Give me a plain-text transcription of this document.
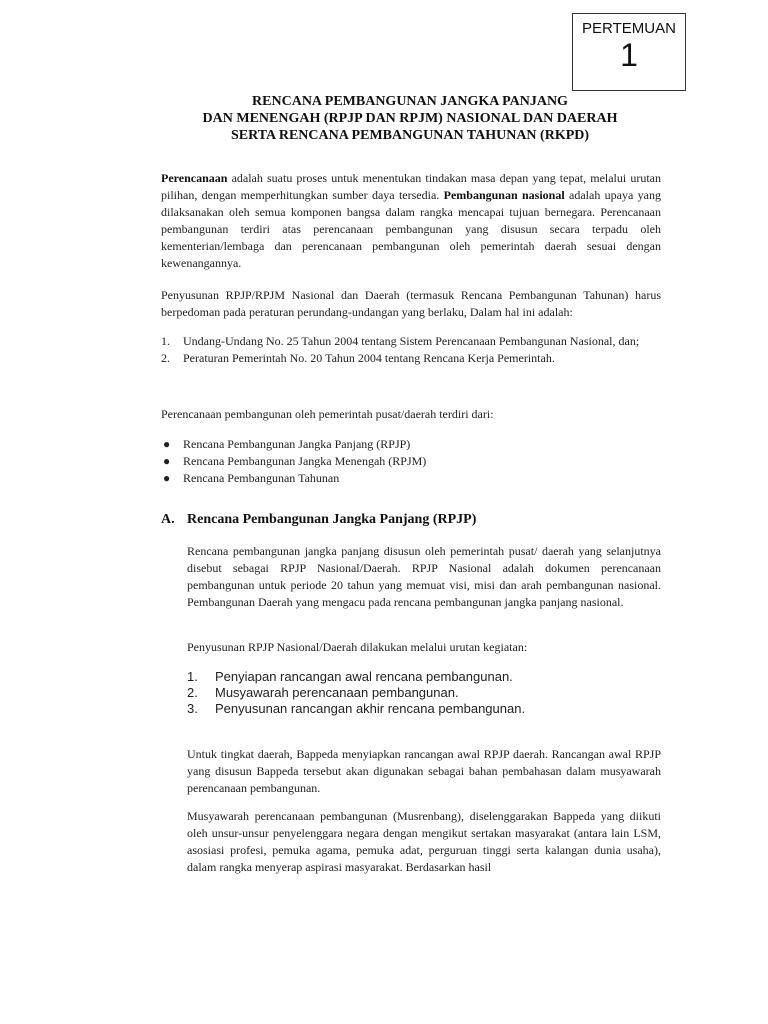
PERTEMUAN
1
RENCANA PEMBANGUNAN JANGKA PANJANG
DAN MENENGAH (RPJP DAN RPJM) NASIONAL DAN DAERAH
SERTA RENCANA PEMBANGUNAN TAHUNAN (RKPD)
Perencanaan adalah suatu proses untuk menentukan tindakan masa depan yang tepat, melalui urutan pilihan, dengan memperhitungkan sumber daya tersedia. Pembangunan nasional adalah upaya yang dilaksanakan oleh semua komponen bangsa dalam rangka mencapai tujuan bernegara. Perencanaan pembangunan terdiri atas perencanaan pembangunan yang disusun secara terpadu oleh kementerian/lembaga dan perencanaan pembangunan oleh pemerintah daerah sesuai dengan kewenangannya.
Penyusunan RPJP/RPJM Nasional dan Daerah (termasuk Rencana Pembangunan Tahunan) harus berpedoman pada peraturan perundang-undangan yang berlaku, Dalam hal ini adalah:
1. Undang-Undang No. 25 Tahun 2004 tentang Sistem Perencanaan Pembangunan Nasional, dan;
2. Peraturan Pemerintah No. 20 Tahun 2004 tentang Rencana Kerja Pemerintah.
Perencanaan pembangunan oleh pemerintah pusat/daerah terdiri dari:
● Rencana Pembangunan Jangka Panjang (RPJP)
● Rencana Pembangunan Jangka Menengah (RPJM)
● Rencana Pembangunan Tahunan
A. Rencana Pembangunan Jangka Panjang (RPJP)
Rencana pembangunan jangka panjang disusun oleh pemerintah pusat/ daerah yang selanjutnya disebut sebagai RPJP Nasional/Daerah. RPJP Nasional adalah dokumen perencanaan pembangunan untuk periode 20 tahun yang memuat visi, misi dan arah pembangunan nasional. Pembangunan Daerah yang mengacu pada rencana pembangunan jangka panjang nasional.
Penyusunan RPJP Nasional/Daerah dilakukan melalui urutan kegiatan:
1. Penyiapan rancangan awal rencana pembangunan.
2. Musyawarah perencanaan pembangunan.
3. Penyusunan rancangan akhir rencana pembangunan.
Untuk tingkat daerah, Bappeda menyiapkan rancangan awal RPJP daerah. Rancangan awal RPJP yang disusun Bappeda tersebut akan digunakan sebagai bahan pembahasan dalam musyawarah perencanaan pembangunan.
Musyawarah perencanaan pembangunan (Musrenbang), diselenggarakan Bappeda yang diikuti oleh unsur-unsur penyelenggara negara dengan mengikut sertakan masyarakat (antara lain LSM, asosiasi profesi, pemuka agama, pemuka adat, perguruan tinggi serta kalangan dunia usaha), dalam rangka menyerap aspirasi masyarakat. Berdasarkan hasil
